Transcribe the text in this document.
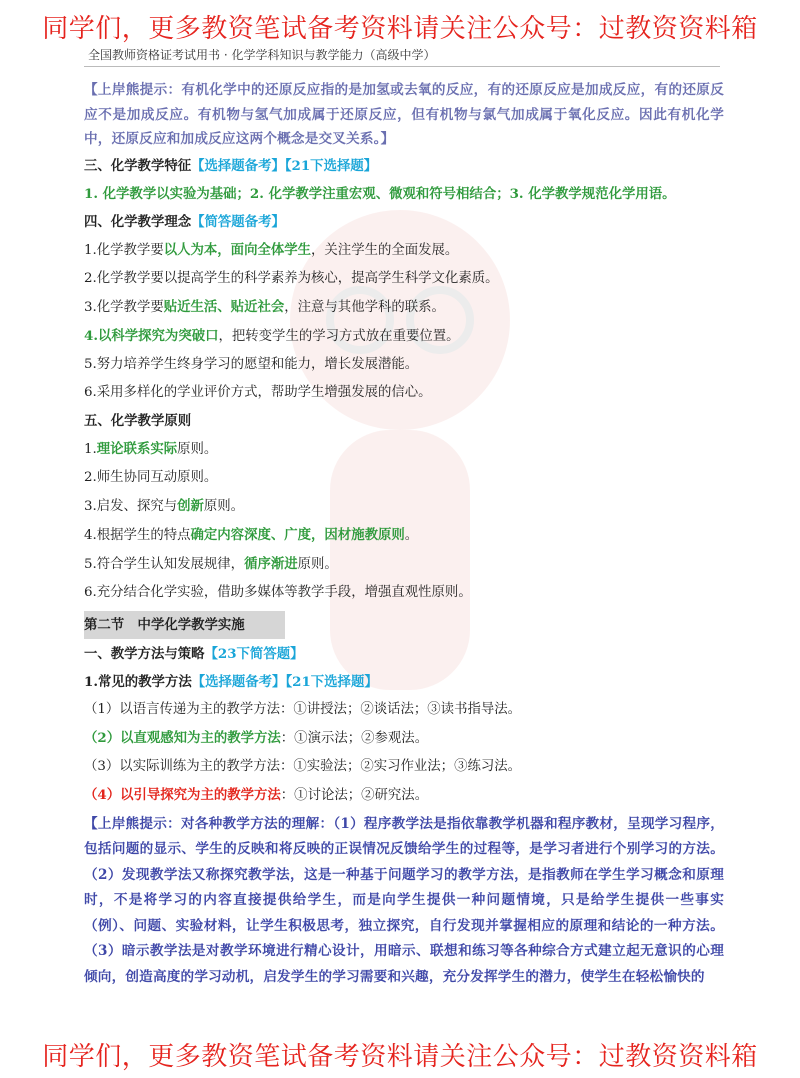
同学们，更多教资笔试备考资料请关注公众号：过教资资料箱
全国教师资格证考试用书 · 化学学科知识与教学能力（高级中学）
【上岸熊提示：有机化学中的还原反应指的是加氢或去氧的反应，有的还原反应是加成反应，有的还原反应不是加成反应。有机物与氢气加成属于还原反应，但有机物与氯气加成属于氧化反应。因此有机化学中，还原反应和加成反应这两个概念是交叉关系。】
三、化学教学特征【选择题备考】【21下选择题】
1. 化学教学以实验为基础；2. 化学教学注重宏观、微观和符号相结合；3. 化学教学规范化学用语。
四、化学教学理念【简答题备考】
1.化学教学要以人为本，面向全体学生，关注学生的全面发展。
2.化学教学要以提高学生的科学素养为核心，提高学生科学文化素质。
3.化学教学要贴近生活、贴近社会，注意与其他学科的联系。
4.以科学探究为突破口，把转变学生的学习方式放在重要位置。
5.努力培养学生终身学习的愿望和能力，增长发展潜能。
6.采用多样化的学业评价方式，帮助学生增强发展的信心。
五、化学教学原则
1.理论联系实际原则。
2.师生协同互动原则。
3.启发、探究与创新原则。
4.根据学生的特点确定内容深度、广度，因材施教原则。
5.符合学生认知发展规律，循序渐进原则。
6.充分结合化学实验，借助多媒体等教学手段，增强直观性原则。
第二节　中学化学教学实施
一、教学方法与策略【23下简答题】
1.常见的教学方法【选择题备考】【21下选择题】
（1）以语言传递为主的教学方法：①讲授法；②谈话法；③读书指导法。
（2）以直观感知为主的教学方法：①演示法；②参观法。
（3）以实际训练为主的教学方法：①实验法；②实习作业法；③练习法。
（4）以引导探究为主的教学方法：①讨论法；②研究法。
【上岸熊提示：对各种教学方法的理解：（1）程序教学法是指依靠教学机器和程序教材，呈现学习程序，包括问题的显示、学生的反映和将反映的正误情况反馈给学生的过程等，是学习者进行个别学习的方法。（2）发现教学法又称探究教学法，这是一种基于问题学习的教学方法，是指教师在学生学习概念和原理时，不是将学习的内容直接提供给学生，而是向学生提供一种问题情境，只是给学生提供一些事实（例）、问题、实验材料，让学生积极思考，独立探究，自行发现并掌握相应的原理和结论的一种方法。（3）暗示教学法是对教学环境进行精心设计，用暗示、联想和练习等各种综合方式建立起无意识的心理倾向，创造高度的学习动机，启发学生的学习需要和兴趣，充分发挥学生的潜力，使学生在轻松愉快的
同学们，更多教资笔试备考资料请关注公众号：过教资资料箱
